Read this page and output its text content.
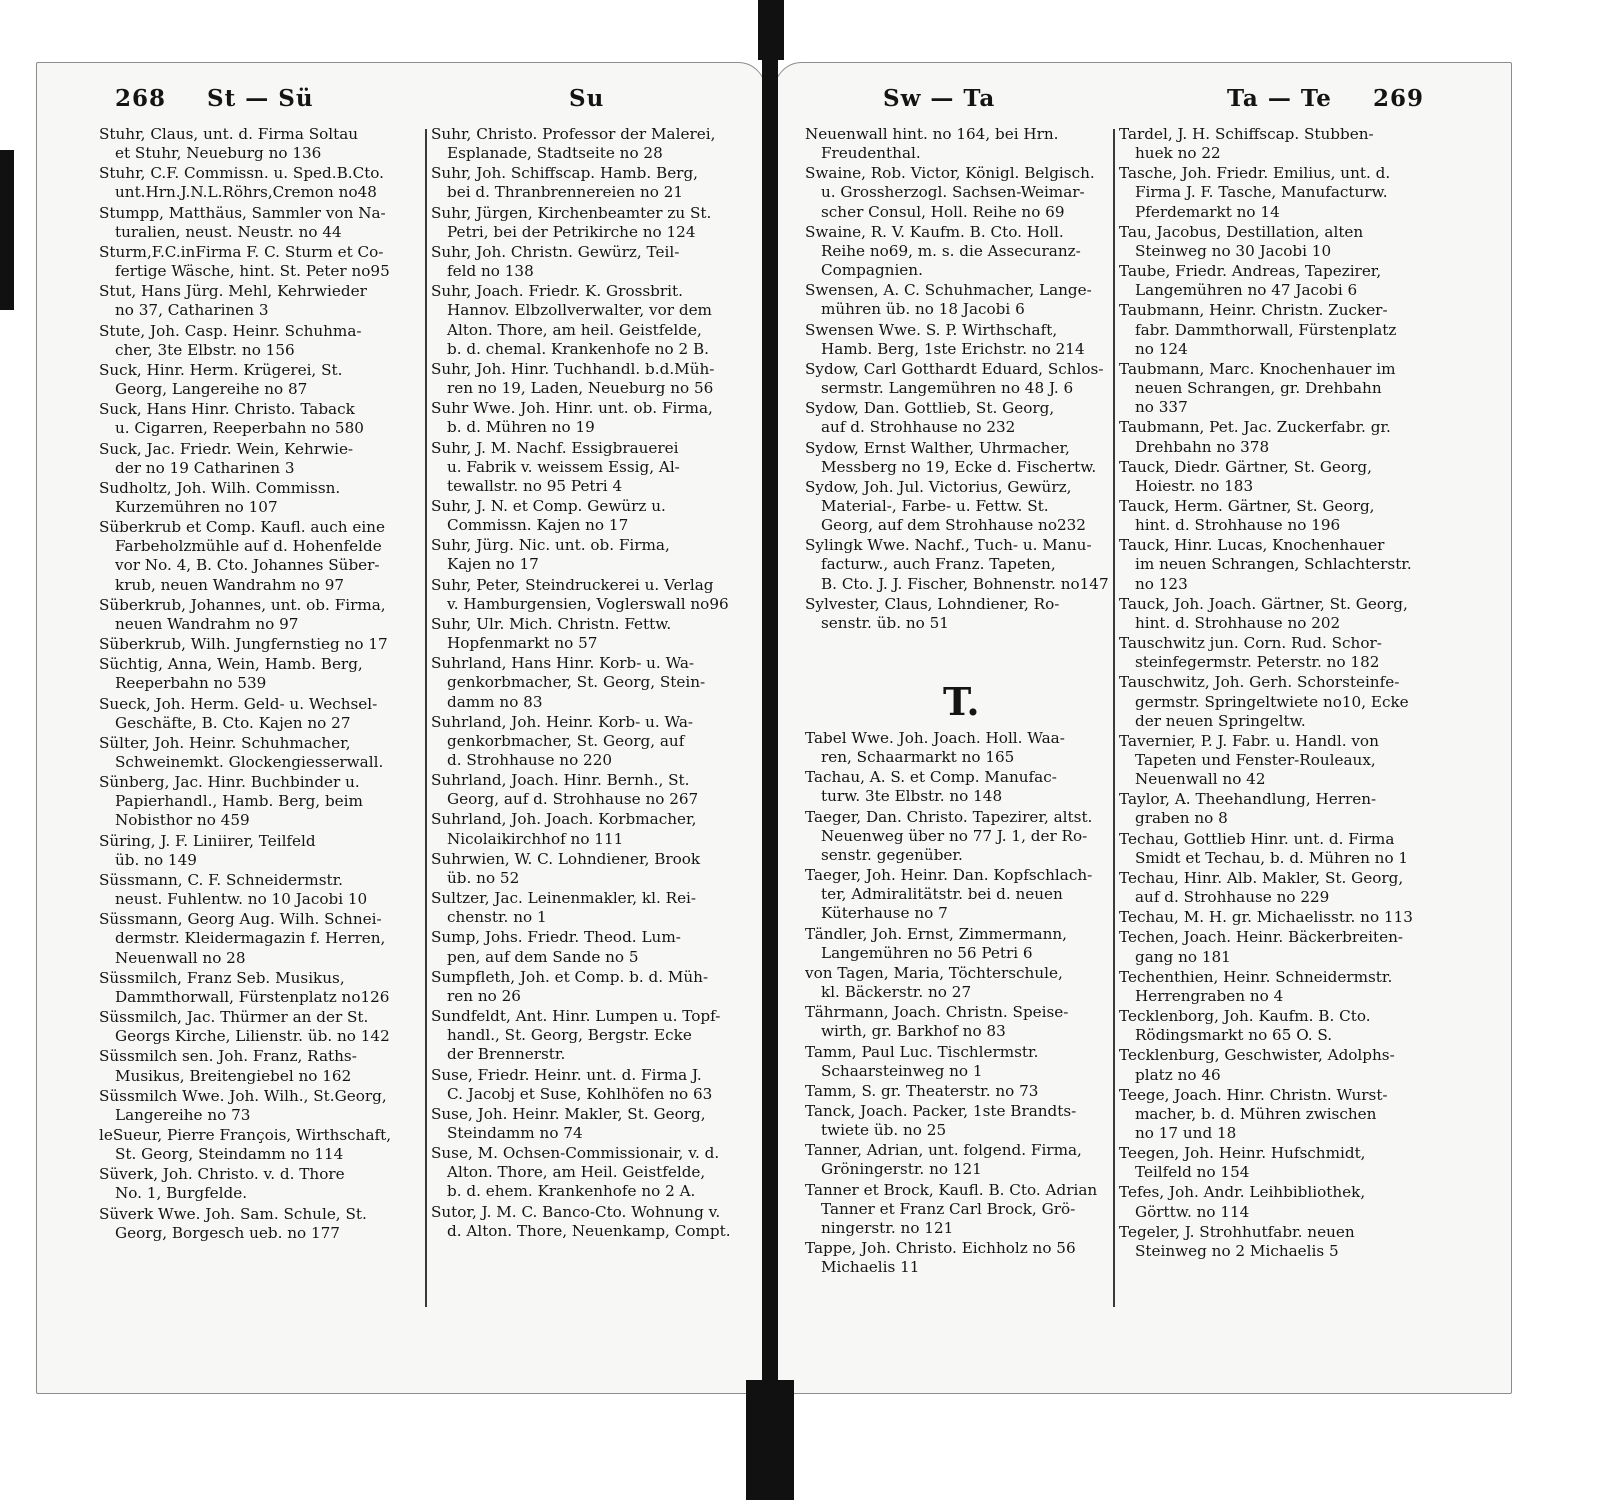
268 St — Sü	Su
Stuhr, Claus, unt. d. Firma Soltau
et Stuhr, Neueburg no 136
Stuhr, C.F. Commissn. u. Sped.B.Cto.
unt.Hrn.J.N.L.Röhrs,Cremon no48
Stumpp, Matthäus, Sammler von Na-
turalien, neust. Neustr. no 44
Sturm,F.C.inFirma F. C. Sturm et Co-
fertige Wäsche, hint. St. Peter no95
Stut, Hans Jürg. Mehl, Kehrwieder
no 37, Catharinen 3
Stute, Joh. Casp. Heinr. Schuhma-
cher, 3te Elbstr. no 156
Suck, Hinr. Herm. Krügerei, St.
Georg, Langereihe no 87
Suck, Hans Hinr. Christo. Taback
u. Cigarren, Reeperbahn no 580
Suck, Jac. Friedr. Wein, Kehrwie-
der no 19 Catharinen 3
Sudholtz, Joh. Wilh. Commissn.
Kurzemühren no 107
Süberkrub et Comp. Kaufl. auch eine
Farbeholzmühle auf d. Hohenfelde
vor No. 4, B. Cto. Johannes Süber-
krub, neuen Wandrahm no 97
Süberkrub, Johannes, unt. ob. Firma,
neuen Wandrahm no 97
Süberkrub, Wilh. Jungfernstieg no 17
Süchtig, Anna, Wein, Hamb. Berg,
Reeperbahn no 539
Sueck, Joh. Herm. Geld- u. Wechsel-
Geschäfte, B. Cto. Kajen no 27
Sülter, Joh. Heinr. Schuhmacher,
Schweinemkt. Glockengiesserwall.
Sünberg, Jac. Hinr. Buchbinder u.
Papierhandl., Hamb. Berg, beim
Nobisthor no 459
Süring, J. F. Liniirer, Teilfeld
üb. no 149
Süssmann, C. F. Schneidermstr.
neust. Fuhlentw. no 10 Jacobi 10
Süssmann, Georg Aug. Wilh. Schnei-
dermstr. Kleidermagazin f. Herren,
Neuenwall no 28
Süssmilch, Franz Seb. Musikus,
Dammthorwall, Fürstenplatz no126
Süssmilch, Jac. Thürmer an der St.
Georgs Kirche, Lilienstr. üb. no 142
Süssmilch sen. Joh. Franz, Raths-
Musikus, Breitengiebel no 162
Süssmilch Wwe. Joh. Wilh., St.Georg,
Langereihe no 73
leSueur, Pierre François, Wirthschaft,
St. Georg, Steindamm no 114
Süverk, Joh. Christo. v. d. Thore
No. 1, Burgfelde.
Süverk Wwe. Joh. Sam. Schule, St.
Georg, Borgesch ueb. no 177
Suhr, Christo. Professor der Malerei,
Esplanade, Stadtseite no 28
Suhr, Joh. Schiffscap. Hamb. Berg,
bei d. Thranbrennereien no 21
Suhr, Jürgen, Kirchenbeamter zu St.
Petri, bei der Petrikirche no 124
Suhr, Joh. Christn. Gewürz, Teil-
feld no 138
Suhr, Joach. Friedr. K. Grossbrit.
Hannov. Elbzollverwalter, vor dem
Alton. Thore, am heil. Geistfelde,
b. d. chemal. Krankenhofe no 2 B.
Suhr, Joh. Hinr. Tuchhandl. b.d.Müh-
ren no 19, Laden, Neueburg no 56
Suhr Wwe. Joh. Hinr. unt. ob. Firma,
b. d. Mühren no 19
Suhr, J. M. Nachf. Essigbrauerei
u. Fabrik v. weissem Essig, Al-
tewallstr. no 95 Petri 4
Suhr, J. N. et Comp. Gewürz u.
Commissn. Kajen no 17
Suhr, Jürg. Nic. unt. ob. Firma,
Kajen no 17
Suhr, Peter, Steindruckerei u. Verlag
v. Hamburgensien, Voglerswall no96
Suhr, Ulr. Mich. Christn. Fettw.
Hopfenmarkt no 57
Suhrland, Hans Hinr. Korb- u. Wa-
genkorbmacher, St. Georg, Stein-
damm no 83
Suhrland, Joh. Heinr. Korb- u. Wa-
genkorbmacher, St. Georg, auf
d. Strohhause no 220
Suhrland, Joach. Hinr. Bernh., St.
Georg, auf d. Strohhause no 267
Suhrland, Joh. Joach. Korbmacher,
Nicolaikirchhof no 111
Suhrwien, W. C. Lohndiener, Brook
üb. no 52
Sultzer, Jac. Leinenmakler, kl. Rei-
chenstr. no 1
Sump, Johs. Friedr. Theod. Lum-
pen, auf dem Sande no 5
Sumpfleth, Joh. et Comp. b. d. Müh-
ren no 26
Sundfeldt, Ant. Hinr. Lumpen u. Topf-
handl., St. Georg, Bergstr. Ecke
der Brennerstr.
Suse, Friedr. Heinr. unt. d. Firma J.
C. Jacobj et Suse, Kohlhöfen no 63
Suse, Joh. Heinr. Makler, St. Georg,
Steindamm no 74
Suse, M. Ochsen-Commissionair, v. d.
Alton. Thore, am Heil. Geistfelde,
b. d. ehem. Krankenhofe no 2 A.
Sutor, J. M. C. Banco-Cto. Wohnung v.
d. Alton. Thore, Neuenkamp, Compt.
Sw — Ta	Ta — Te 269
Neuenwall hint. no 164, bei Hrn.
Freudenthal.
Swaine, Rob. Victor, Königl. Belgisch.
u. Grossherzogl. Sachsen-Weimar-
scher Consul, Holl. Reihe no 69
Swaine, R. V. Kaufm. B. Cto. Holl.
Reihe no69, m. s. die Assecuranz-
Compagnien.
Swensen, A. C. Schuhmacher, Lange-
mühren üb. no 18 Jacobi 6
Swensen Wwe. S. P. Wirthschaft,
Hamb. Berg, 1ste Erichstr. no 214
Sydow, Carl Gotthardt Eduard, Schlos-
sermstr. Langemühren no 48 J. 6
Sydow, Dan. Gottlieb, St. Georg,
auf d. Strohhause no 232
Sydow, Ernst Walther, Uhrmacher,
Messberg no 19, Ecke d. Fischertw.
Sydow, Joh. Jul. Victorius, Gewürz,
Material-, Farbe- u. Fettw. St.
Georg, auf dem Strohhause no232
Sylingk Wwe. Nachf., Tuch- u. Manu-
facturw., auch Franz. Tapeten,
B. Cto. J. J. Fischer, Bohnenstr. no147
Sylvester, Claus, Lohndiener, Ro-
senstr. üb. no 51
T.
Tabel Wwe. Joh. Joach. Holl. Waa-
ren, Schaarmarkt no 165
Tachau, A. S. et Comp. Manufac-
turw. 3te Elbstr. no 148
Taeger, Dan. Christo. Tapezirer, altst.
Neuenweg über no 77 J. 1, der Ro-
senstr. gegenüber.
Taeger, Joh. Heinr. Dan. Kopfschlach-
ter, Admiralitätstr. bei d. neuen
Küterhause no 7
Tändler, Joh. Ernst, Zimmermann,
Langemühren no 56 Petri 6
von Tagen, Maria, Töchterschule,
kl. Bäckerstr. no 27
Tährmann, Joach. Christn. Speise-
wirth, gr. Barkhof no 83
Tamm, Paul Luc. Tischlermstr.
Schaarsteinweg no 1
Tamm, S. gr. Theaterstr. no 73
Tanck, Joach. Packer, 1ste Brandts-
twiete üb. no 25
Tanner, Adrian, unt. folgend. Firma,
Gröningerstr. no 121
Tanner et Brock, Kaufl. B. Cto. Adrian
Tanner et Franz Carl Brock, Grö-
ningerstr. no 121
Tappe, Joh. Christo. Eichholz no 56
Michaelis 11
Tardel, J. H. Schiffscap. Stubben-
huek no 22
Tasche, Joh. Friedr. Emilius, unt. d.
Firma J. F. Tasche, Manufacturw.
Pferdemarkt no 14
Tau, Jacobus, Destillation, alten
Steinweg no 30 Jacobi 10
Taube, Friedr. Andreas, Tapezirer,
Langemühren no 47 Jacobi 6
Taubmann, Heinr. Christn. Zucker-
fabr. Dammthorwall, Fürstenplatz
no 124
Taubmann, Marc. Knochenhauer im
neuen Schrangen, gr. Drehbahn
no 337
Taubmann, Pet. Jac. Zuckerfabr. gr.
Drehbahn no 378
Tauck, Diedr. Gärtner, St. Georg,
Hoiestr. no 183
Tauck, Herm. Gärtner, St. Georg,
hint. d. Strohhause no 196
Tauck, Hinr. Lucas, Knochenhauer
im neuen Schrangen, Schlachterstr.
no 123
Tauck, Joh. Joach. Gärtner, St. Georg,
hint. d. Strohhause no 202
Tauschwitz jun. Corn. Rud. Schor-
steinfegermstr. Peterstr. no 182
Tauschwitz, Joh. Gerh. Schorsteinfe-
germstr. Springeltwiete no10, Ecke
der neuen Springeltw.
Tavernier, P. J. Fabr. u. Handl. von
Tapeten und Fenster-Rouleaux,
Neuenwall no 42
Taylor, A. Theehandlung, Herren-
graben no 8
Techau, Gottlieb Hinr. unt. d. Firma
Smidt et Techau, b. d. Mühren no 1
Techau, Hinr. Alb. Makler, St. Georg,
auf d. Strohhause no 229
Techau, M. H. gr. Michaelisstr. no 113
Techen, Joach. Heinr. Bäckerbreiten-
gang no 181
Techenthien, Heinr. Schneidermstr.
Herrengraben no 4
Tecklenborg, Joh. Kaufm. B. Cto.
Rödingsmarkt no 65 O. S.
Tecklenburg, Geschwister, Adolphs-
platz no 46
Teege, Joach. Hinr. Christn. Wurst-
macher, b. d. Mühren zwischen
no 17 und 18
Teegen, Joh. Heinr. Hufschmidt,
Teilfeld no 154
Tefes, Joh. Andr. Leihbibliothek,
Görttw. no 114
Tegeler, J. Strohhutfabr. neuen
Steinweg no 2 Michaelis 5
